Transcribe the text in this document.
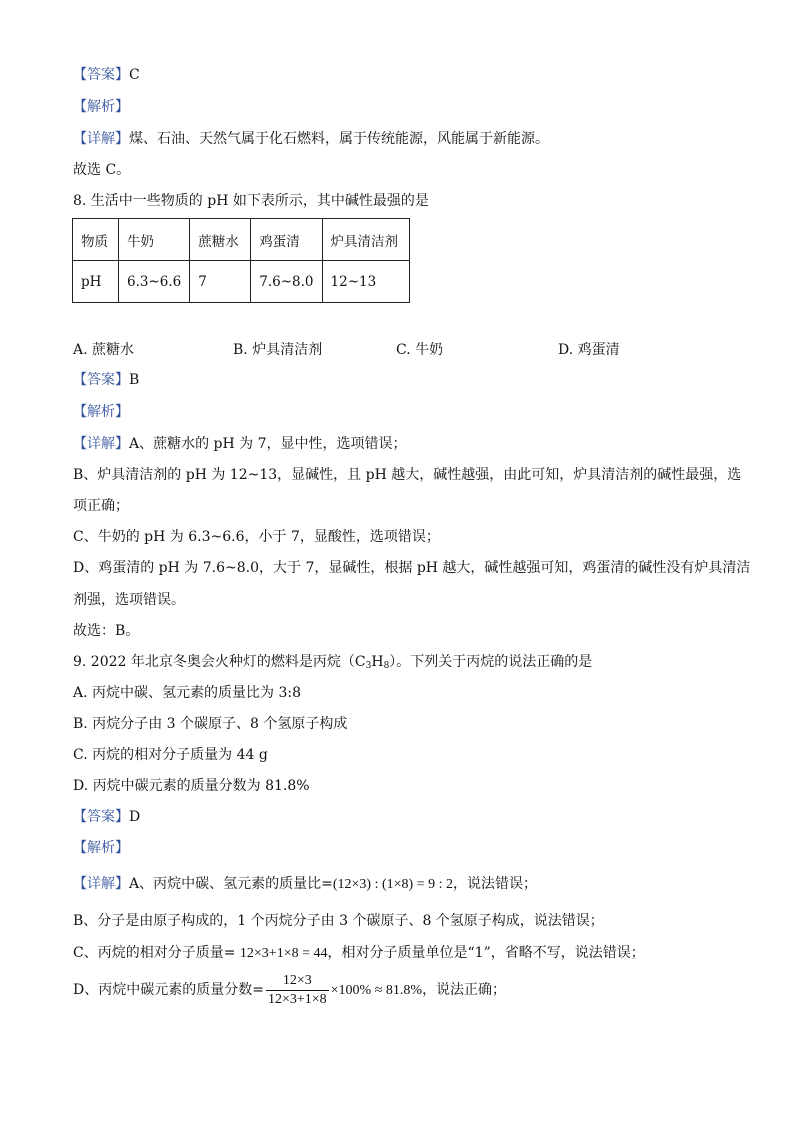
【答案】C
【解析】
【详解】煤、石油、天然气属于化石燃料，属于传统能源，风能属于新能源。
故选 C。
8. 生活中一些物质的 pH 如下表所示，其中碱性最强的是
物质	牛奶	蔗糖水	鸡蛋清	炉具清洁剂
pH	6.3~6.6	7	7.6~8.0	12~13
A. 蔗糖水	B. 炉具清洁剂	C. 牛奶	D. 鸡蛋清
【答案】B
【解析】
【详解】A、蔗糖水的 pH 为 7，显中性，选项错误；
B、炉具清洁剂的 pH 为 12~13，显碱性，且 pH 越大，碱性越强，由此可知，炉具清洁剂的碱性最强，选
项正确；
C、牛奶的 pH 为 6.3~6.6，小于 7，显酸性，选项错误；
D、鸡蛋清的 pH 为 7.6~8.0，大于 7，显碱性，根据 pH 越大，碱性越强可知，鸡蛋清的碱性没有炉具清洁
剂强，选项错误。
故选：B。
9. 2022 年北京冬奥会火种灯的燃料是丙烷$(C_3H_8)$。下列关于丙烷的说法正确的是
A. 丙烷中碳、氢元素的质量比为 3:8
B. 丙烷分子由 3 个碳原子、8 个氢原子构成
C. 丙烷的相对分子质量为 44 g
D. 丙烷中碳元素的质量分数为 81.8%
【答案】D
【解析】
【详解】A、丙烷中碳、氢元素的质量比=(12×3) : (1×8) = 9 : 2，说法错误；
B、分子是由原子构成的，1 个丙烷分子由 3 个碳原子、8 个氢原子构成，说法错误；
C、丙烷的相对分子质量= 12×3+1×8 = 44，相对分子质量单位是“1”，省略不写，说法错误；
D、丙烷中碳元素的质量分数= $\frac{12\times 3}{12\times 3+1\times 8} \times 100\% \approx 81.8\%$，说法正确；
